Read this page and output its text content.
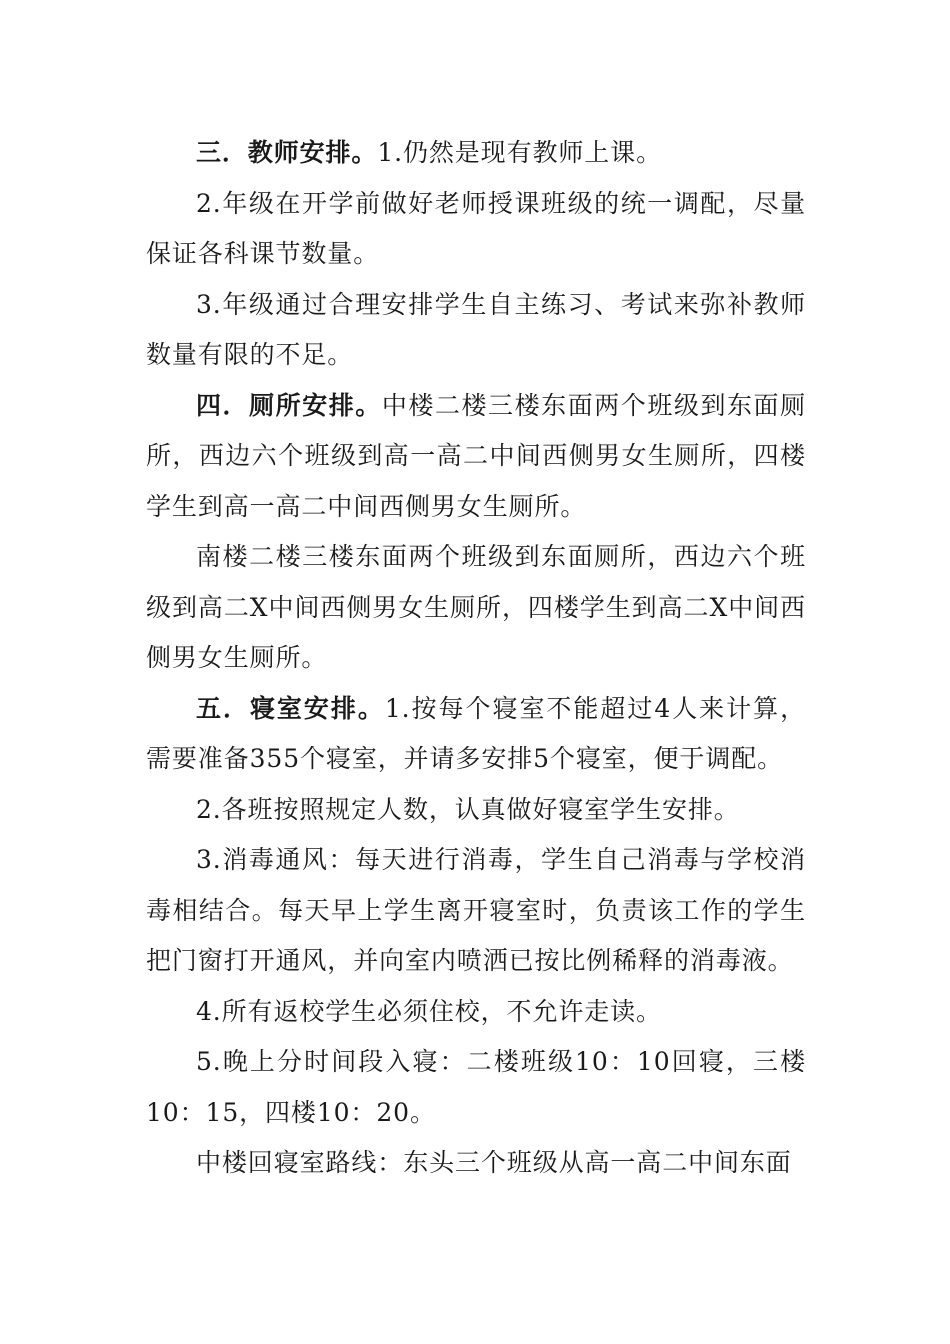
三．教师安排。1.仍然是现有教师上课。

2.年级在开学前做好老师授课班级的统一调配，尽量保证各科课节数量。

3.年级通过合理安排学生自主练习、考试来弥补教师数量有限的不足。

四．厕所安排。中楼二楼三楼东面两个班级到东面厕所，西边六个班级到高一高二中间西侧男女生厕所，四楼学生到高一高二中间西侧男女生厕所。

南楼二楼三楼东面两个班级到东面厕所，西边六个班级到高二X中间西侧男女生厕所，四楼学生到高二X中间西侧男女生厕所。

五．寝室安排。1.按每个寝室不能超过4人来计算，需要准备355个寝室，并请多安排5个寝室，便于调配。

2.各班按照规定人数，认真做好寝室学生安排。

3.消毒通风：每天进行消毒，学生自己消毒与学校消毒相结合。每天早上学生离开寝室时，负责该工作的学生把门窗打开通风，并向室内喷洒已按比例稀释的消毒液。

4.所有返校学生必须住校，不允许走读。

5.晚上分时间段入寝：二楼班级10：10回寝，三楼10：15，四楼10：20。

中楼回寝室路线：东头三个班级从高一高二中间东面
